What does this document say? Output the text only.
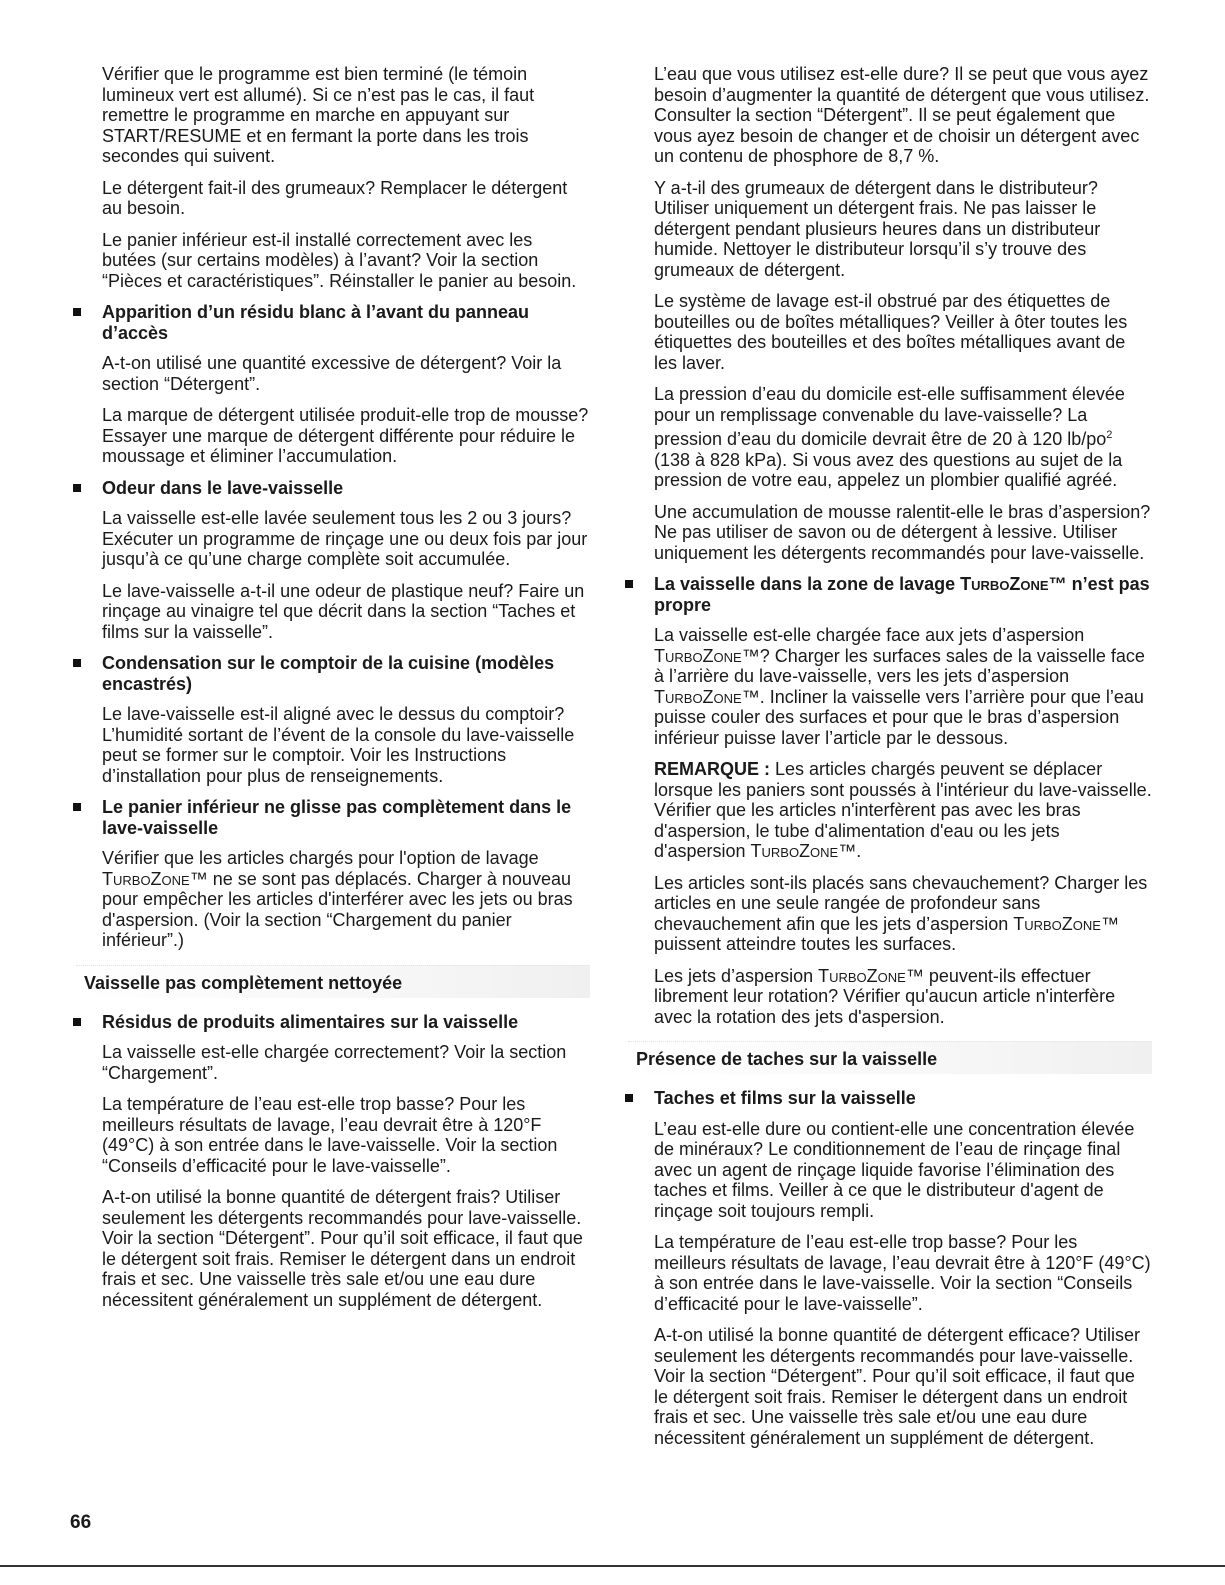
Vérifier que le programme est bien terminé (le témoin lumineux vert est allumé). Si ce n’est pas le cas, il faut remettre le programme en marche en appuyant sur START/RESUME et en fermant la porte dans les trois secondes qui suivent.

Le détergent fait-il des grumeaux? Remplacer le détergent au besoin.

Le panier inférieur est-il installé correctement avec les butées (sur certains modèles) à l’avant? Voir la section “Pièces et caractéristiques”. Réinstaller le panier au besoin.

Apparition d’un résidu blanc à l’avant du panneau d’accès

A-t-on utilisé une quantité excessive de détergent? Voir la section “Détergent”.

La marque de détergent utilisée produit-elle trop de mousse? Essayer une marque de détergent différente pour réduire le moussage et éliminer l’accumulation.

Odeur dans le lave-vaisselle

La vaisselle est-elle lavée seulement tous les 2 ou 3 jours? Exécuter un programme de rinçage une ou deux fois par jour jusqu’à ce qu’une charge complète soit accumulée.

Le lave-vaisselle a-t-il une odeur de plastique neuf? Faire un rinçage au vinaigre tel que décrit dans la section “Taches et films sur la vaisselle”.

Condensation sur le comptoir de la cuisine (modèles encastrés)

Le lave-vaisselle est-il aligné avec le dessus du comptoir? L’humidité sortant de l’évent de la console du lave-vaisselle peut se former sur le comptoir. Voir les Instructions d’installation pour plus de renseignements.

Le panier inférieur ne glisse pas complètement dans le lave-vaisselle

Vérifier que les articles chargés pour l'option de lavage TurboZone™ ne se sont pas déplacés. Charger à nouveau pour empêcher les articles d'interférer avec les jets ou bras d'aspersion. (Voir la section “Chargement du panier inférieur”.)

Vaisselle pas complètement nettoyée
Résidus de produits alimentaires sur la vaisselle

La vaisselle est-elle chargée correctement? Voir la section “Chargement”.

La température de l’eau est-elle trop basse? Pour les meilleurs résultats de lavage, l’eau devrait être à 120°F (49°C) à son entrée dans le lave-vaisselle. Voir la section “Conseils d’efficacité pour le lave-vaisselle”.

A-t-on utilisé la bonne quantité de détergent frais? Utiliser seulement les détergents recommandés pour lave-vaisselle. Voir la section “Détergent”. Pour qu’il soit efficace, il faut que le détergent soit frais. Remiser le détergent dans un endroit frais et sec. Une vaisselle très sale et/ou une eau dure nécessitent généralement un supplément de détergent.

L’eau que vous utilisez est-elle dure? Il se peut que vous ayez besoin d’augmenter la quantité de détergent que vous utilisez. Consulter la section “Détergent”. Il se peut également que vous ayez besoin de changer et de choisir un détergent avec un contenu de phosphore de 8,7 %.

Y a-t-il des grumeaux de détergent dans le distributeur? Utiliser uniquement un détergent frais. Ne pas laisser le détergent pendant plusieurs heures dans un distributeur humide. Nettoyer le distributeur lorsqu’il s’y trouve des grumeaux de détergent.

Le système de lavage est-il obstrué par des étiquettes de bouteilles ou de boîtes métalliques? Veiller à ôter toutes les étiquettes des bouteilles et des boîtes métalliques avant de les laver.

La pression d’eau du domicile est-elle suffisamment élevée pour un remplissage convenable du lave-vaisselle? La pression d’eau du domicile devrait être de 20 à 120 $lb/po^2$ (138 à 828 kPa). Si vous avez des questions au sujet de la pression de votre eau, appelez un plombier qualifié agréé.

Une accumulation de mousse ralentit-elle le bras d’aspersion? Ne pas utiliser de savon ou de détergent à lessive. Utiliser uniquement les détergents recommandés pour lave-vaisselle.

La vaisselle dans la zone de lavage TurboZone™ n’est pas propre

La vaisselle est-elle chargée face aux jets d’aspersion TurboZone™? Charger les surfaces sales de la vaisselle face à l’arrière du lave-vaisselle, vers les jets d’aspersion TurboZone™. Incliner la vaisselle vers l’arrière pour que l’eau puisse couler des surfaces et pour que le bras d’aspersion inférieur puisse laver l’article par le dessous.

REMARQUE : Les articles chargés peuvent se déplacer lorsque les paniers sont poussés à l'intérieur du lave-vaisselle. Vérifier que les articles n'interfèrent pas avec les bras d'aspersion, le tube d'alimentation d'eau ou les jets d'aspersion TurboZone™.

Les articles sont-ils placés sans chevauchement? Charger les articles en une seule rangée de profondeur sans chevauchement afin que les jets d’aspersion TurboZone™ puissent atteindre toutes les surfaces.

Les jets d’aspersion TurboZone™ peuvent-ils effectuer librement leur rotation? Vérifier qu'aucun article n'interfère avec la rotation des jets d'aspersion.

Présence de taches sur la vaisselle
Taches et films sur la vaisselle

L’eau est-elle dure ou contient-elle une concentration élevée de minéraux? Le conditionnement de l’eau de rinçage final avec un agent de rinçage liquide favorise l’élimination des taches et films. Veiller à ce que le distributeur d'agent de rinçage soit toujours rempli.

La température de l’eau est-elle trop basse? Pour les meilleurs résultats de lavage, l’eau devrait être à 120°F (49°C) à son entrée dans le lave-vaisselle. Voir la section “Conseils d’efficacité pour le lave-vaisselle”.

A-t-on utilisé la bonne quantité de détergent efficace? Utiliser seulement les détergents recommandés pour lave-vaisselle. Voir la section “Détergent”. Pour qu’il soit efficace, il faut que le détergent soit frais. Remiser le détergent dans un endroit frais et sec. Une vaisselle très sale et/ou une eau dure nécessitent généralement un supplément de détergent.

66
